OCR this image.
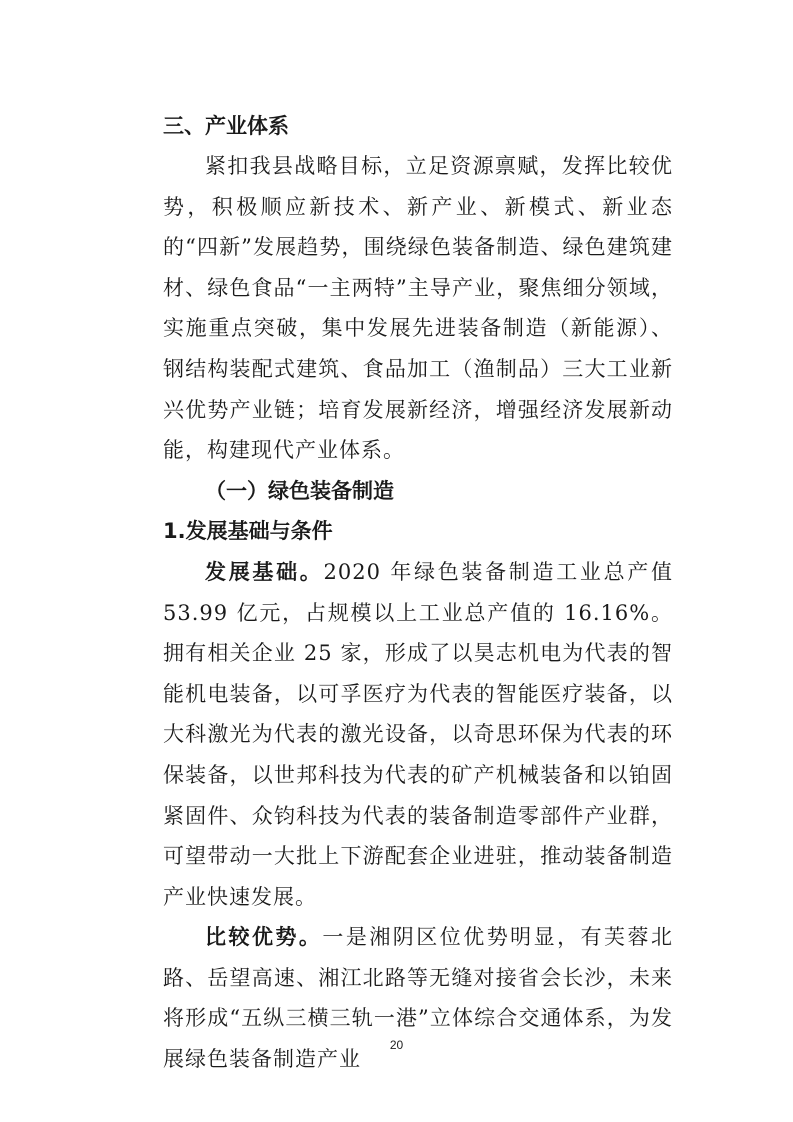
三、产业体系

紧扣我县战略目标，立足资源禀赋，发挥比较优势，积极顺应新技术、新产业、新模式、新业态的“四新”发展趋势，围绕绿色装备制造、绿色建筑建材、绿色食品“一主两特”主导产业，聚焦细分领域，实施重点突破，集中发展先进装备制造（新能源）、钢结构装配式建筑、食品加工（渔制品）三大工业新兴优势产业链；培育发展新经济，增强经济发展新动能，构建现代产业体系。

（一）绿色装备制造
1.发展基础与条件

发展基础。2020 年绿色装备制造工业总产值 53.99 亿元，占规模以上工业总产值的 16.16%。拥有相关企业 25 家，形成了以昊志机电为代表的智能机电装备，以可孚医疗为代表的智能医疗装备，以大科激光为代表的激光设备，以奇思环保为代表的环保装备，以世邦科技为代表的矿产机械装备和以铂固紧固件、众钧科技为代表的装备制造零部件产业群，可望带动一大批上下游配套企业进驻，推动装备制造产业快速发展。

比较优势。一是湘阴区位优势明显，有芙蓉北路、岳望高速、湘江北路等无缝对接省会长沙，未来将形成“五纵三横三轨一港”立体综合交通体系，为发展绿色装备制造产业

20
